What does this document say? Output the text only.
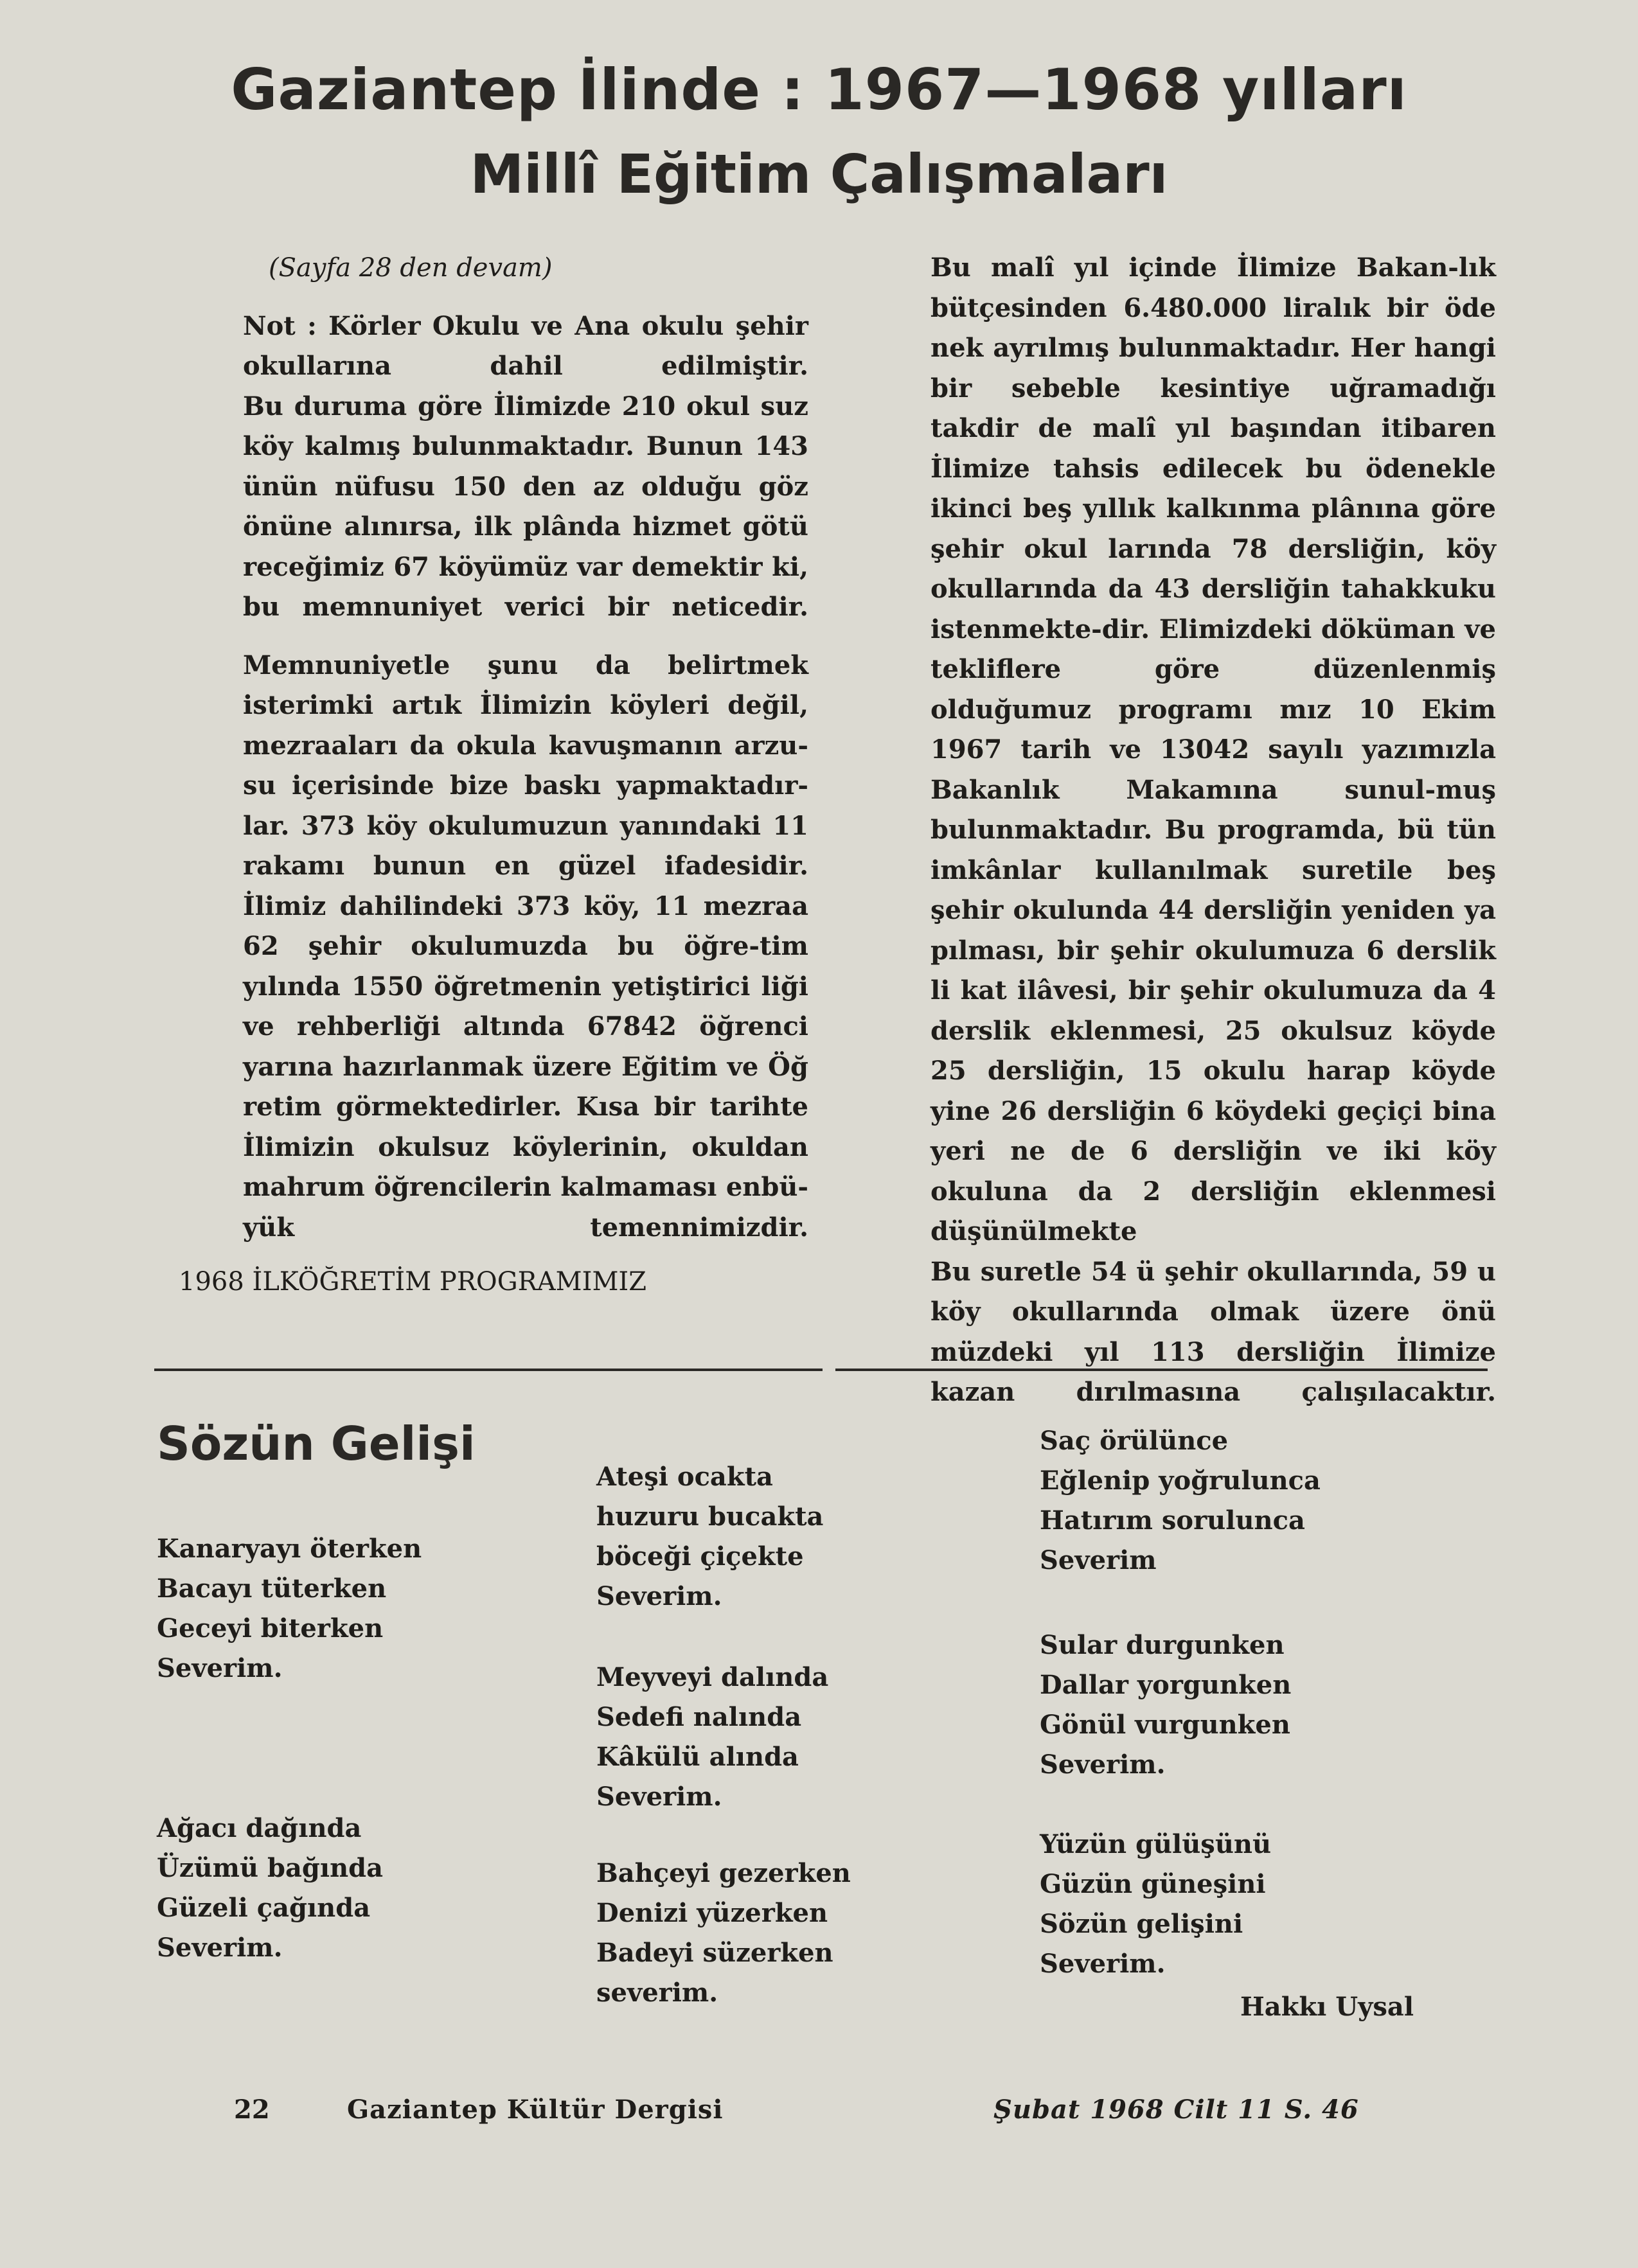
Gaziantep İlinde : 1967—1968 yılları
Millî Eğitim Çalışmaları

(Sayfa 28 den devam)

Not : Körler Okulu ve Ana okulu şehir okullarına dahil edilmiştir.

Bu duruma göre İlimizde 210 okul suz köy kalmış bulunmaktadır. Bunun 143 ünün nüfusu 150 den az olduğu göz önüne alınırsa, ilk plânda hizmet götü receğimiz 67 köyümüz var demektir ki, bu memnuniyet verici bir neticedir.

Memnuniyetle şunu da belirtmek isterimki artık İlimizin köyleri değil, mezraaları da okula kavuşmanın arzu-su içerisinde bize baskı yapmaktadır-lar. 373 köy okulumuzun yanındaki 11 rakamı bunun en güzel ifadesidir.

İlimiz dahilindeki 373 köy, 11 mezraa 62 şehir okulumuzda bu öğre-tim yılında 1550 öğretmenin yetiştirici liği ve rehberliği altında 67842 öğrenci yarına hazırlanmak üzere Eğitim ve Öğ retim görmektedirler. Kısa bir tarihte İlimizin okulsuz köylerinin, okuldan mahrum öğrencilerin kalmaması enbü-yük temennimizdir.

1968 İLKÖĞRETİM PROGRAMIMIZ

Bu malî yıl içinde İlimize Bakan-lık bütçesinden 6.480.000 liralık bir öde nek ayrılmış bulunmaktadır. Her hangi bir sebeble kesintiye uğramadığı takdir de malî yıl başından itibaren İlimize tahsis edilecek bu ödenekle ikinci beş yıllık kalkınma plânına göre şehir okul larında 78 dersliğin, köy okullarında da 43 dersliğin tahakkuku istenmekte-dir. Elimizdeki döküman ve tekliflere göre düzenlenmiş olduğumuz programı mız 10 Ekim 1967 tarih ve 13042 sayılı yazımızla Bakanlık Makamına sunul-muş bulunmaktadır. Bu programda, bü tün imkânlar kullanılmak suretile beş şehir okulunda 44 dersliğin yeniden ya pılması, bir şehir okulumuza 6 derslik li kat ilâvesi, bir şehir okulumuza da 4 derslik eklenmesi, 25 okulsuz köyde 25 dersliğin, 15 okulu harap köyde yine 26 dersliğin 6 köydeki geçiçi bina yeri ne de 6 dersliğin ve iki köy okuluna da 2 dersliğin eklenmesi düşünülmekte

Bu suretle 54 ü şehir okullarında, 59 u köy okullarında olmak üzere önü müzdeki yıl 113 dersliğin İlimize kazan dırılmasına çalışılacaktır.

Sözün Gelişi

Kanaryayı öterken
Bacayı tüterken
Geceyi biterken
Severim.

Ağacı dağında
Üzümü bağında
Güzeli çağında
Severim.

Ateşi ocakta
huzuru bucakta
böceği çiçekte
Severim.

Meyveyi dalında
Sedefi nalında
Kâkülü alında
Severim.

Bahçeyi gezerken
Denizi yüzerken
Badeyi süzerken
severim.

Saç örülünce
Eğlenip yoğrulunca
Hatırım sorulunca
Severim

Sular durgunken
Dallar yorgunken
Gönül vurgunken
Severim.

Yüzün gülüşünü
Güzün güneşini
Sözün gelişini
Severim.

Hakkı Uysal

22	Gaziantep Kültür Dergisi	Şubat 1968 Cilt 11 S. 46
